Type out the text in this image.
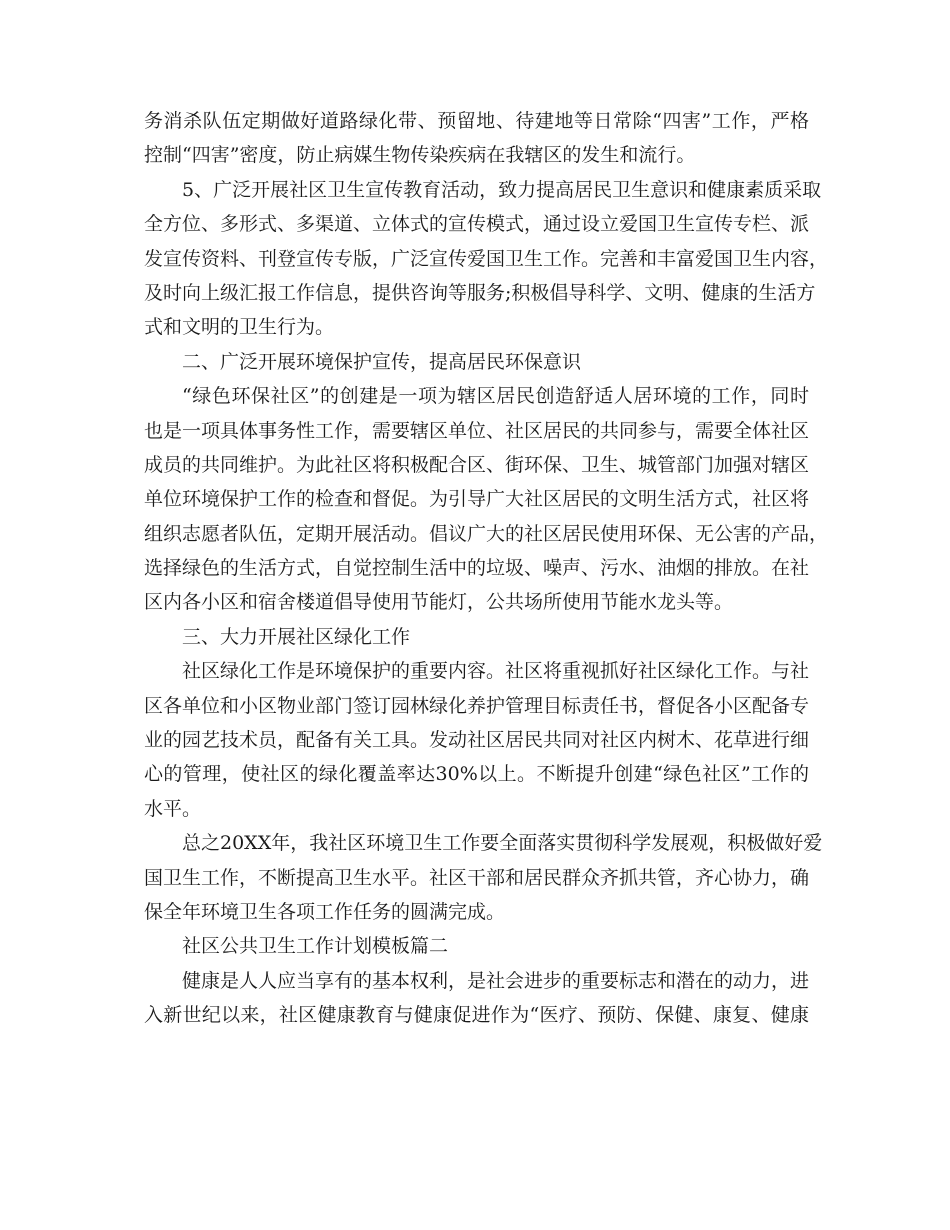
务消杀队伍定期做好道路绿化带、预留地、待建地等日常除“四害”工作，严格
控制“四害”密度，防止病媒生物传染疾病在我辖区的发生和流行。
5、广泛开展社区卫生宣传教育活动，致力提高居民卫生意识和健康素质采取
全方位、多形式、多渠道、立体式的宣传模式，通过设立爱国卫生宣传专栏、派
发宣传资料、刊登宣传专版，广泛宣传爱国卫生工作。完善和丰富爱国卫生内容，
及时向上级汇报工作信息，提供咨询等服务;积极倡导科学、文明、健康的生活方
式和文明的卫生行为。
二、广泛开展环境保护宣传，提高居民环保意识
“绿色环保社区”的创建是一项为辖区居民创造舒适人居环境的工作，同时
也是一项具体事务性工作，需要辖区单位、社区居民的共同参与，需要全体社区
成员的共同维护。为此社区将积极配合区、街环保、卫生、城管部门加强对辖区
单位环境保护工作的检查和督促。为引导广大社区居民的文明生活方式，社区将
组织志愿者队伍，定期开展活动。倡议广大的社区居民使用环保、无公害的产品，
选择绿色的生活方式，自觉控制生活中的垃圾、噪声、污水、油烟的排放。在社
区内各小区和宿舍楼道倡导使用节能灯，公共场所使用节能水龙头等。
三、大力开展社区绿化工作
社区绿化工作是环境保护的重要内容。社区将重视抓好社区绿化工作。与社
区各单位和小区物业部门签订园林绿化养护管理目标责任书，督促各小区配备专
业的园艺技术员，配备有关工具。发动社区居民共同对社区内树木、花草进行细
心的管理，使社区的绿化覆盖率达30%以上。不断提升创建“绿色社区”工作的
水平。
总之20XX年，我社区环境卫生工作要全面落实贯彻科学发展观，积极做好爱
国卫生工作，不断提高卫生水平。社区干部和居民群众齐抓共管，齐心协力，确
保全年环境卫生各项工作任务的圆满完成。
社区公共卫生工作计划模板篇二
健康是人人应当享有的基本权利，是社会进步的重要标志和潜在的动力，进
入新世纪以来，社区健康教育与健康促进作为“医疗、预防、保健、康复、健康
